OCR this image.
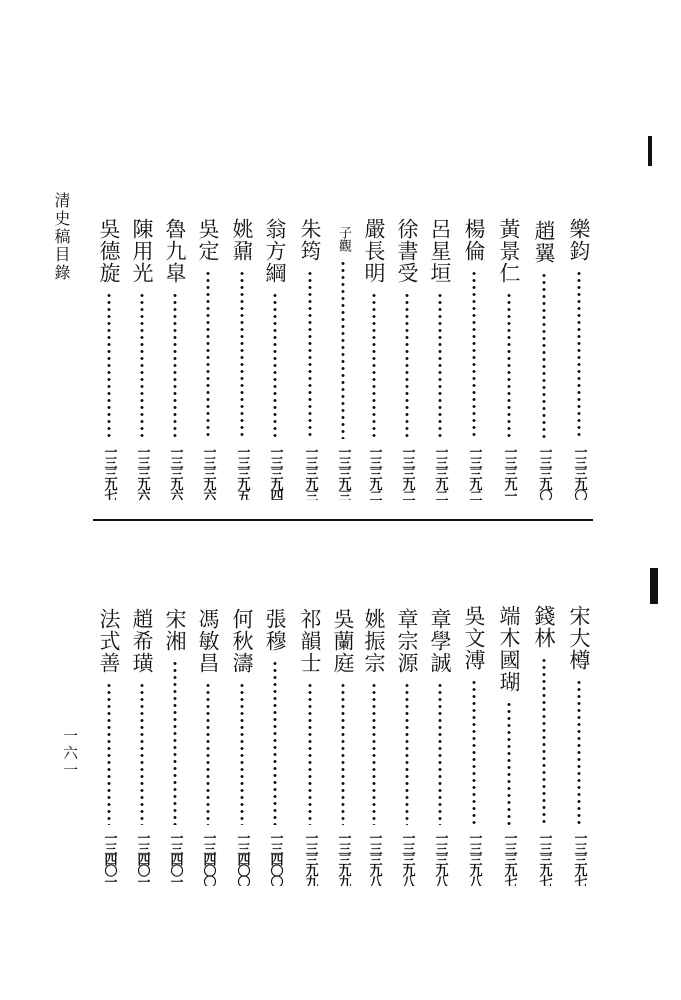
清史稿目錄
一六一
樂鈞
一三三九〇
趙翼
一三三九〇
黃景仁
一三三九一
楊倫
一三三九二
呂星垣
一三三九二
徐書受
一三三九二
嚴長明
一三三九二
子觀
一三三九三
朱筠
一三三九三
翁方綱
一三三九四
姚鼐
一三三九五
吳定
一三三九六
魯九皐
一三三九六
陳用光
一三三九六
吳德旋
一三三九七
宋大樽
一三三九七
錢林
一三三九七
端木國瑚
一三三九七
吳文溥
一三三九八
章學誠
一三三九八
章宗源
一三三九八
姚振宗
一三三九八
吳蘭庭
一三三九九
祁韻士
一三三九九
張穆
一三四〇〇
何秋濤
一三四〇〇
馮敏昌
一三四〇〇
宋湘
一三四〇一
趙希璜
一三四〇一
法式善
一三四〇一
